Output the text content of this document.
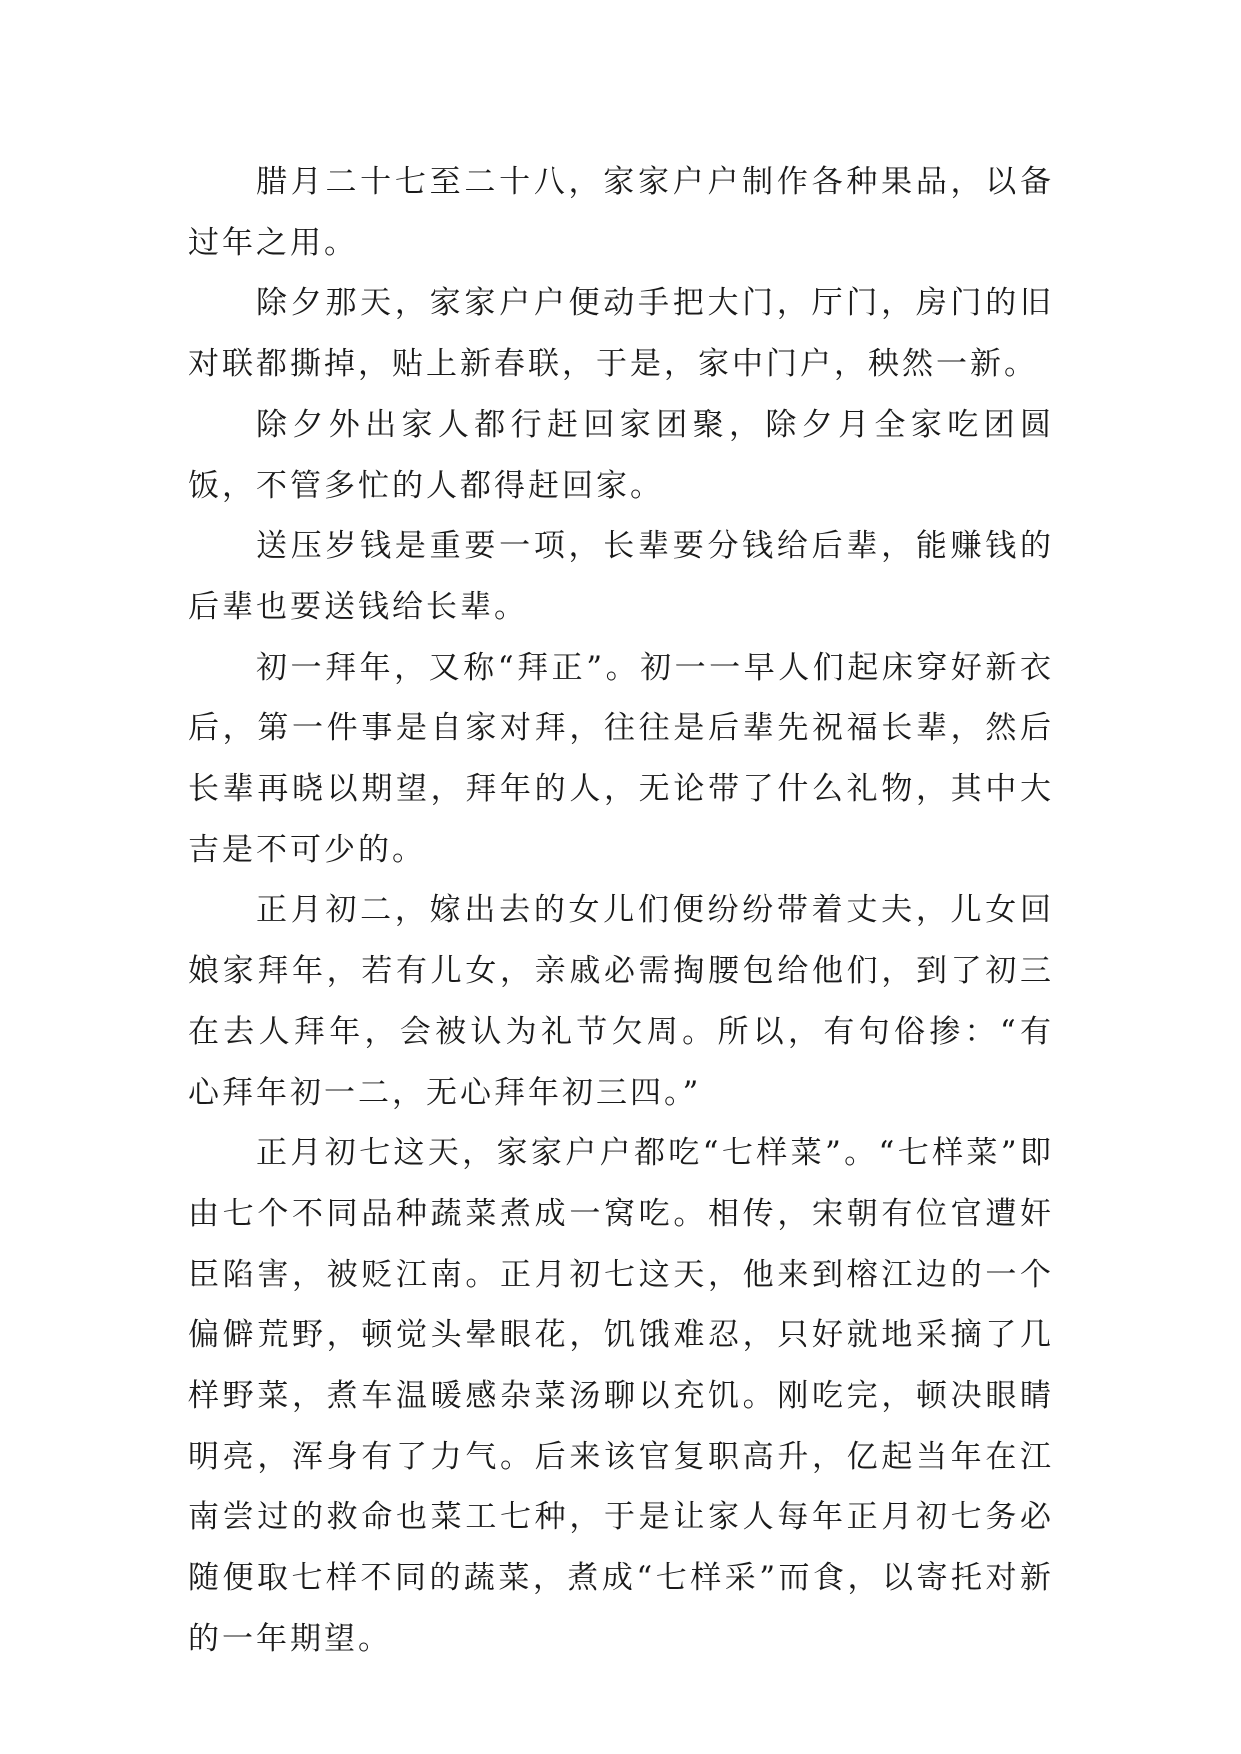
腊月二十七至二十八，家家户户制作各种果品，以备过年之用。

除夕那天，家家户户便动手把大门，厅门，房门的旧对联都撕掉，贴上新春联，于是，家中门户，秧然一新。

除夕外出家人都行赶回家团聚，除夕月全家吃团圆饭，不管多忙的人都得赶回家。

送压岁钱是重要一项，长辈要分钱给后辈，能赚钱的后辈也要送钱给长辈。

初一拜年，又称“拜正”。初一一早人们起床穿好新衣后，第一件事是自家对拜，往往是后辈先祝福长辈，然后长辈再晓以期望，拜年的人，无论带了什么礼物，其中大吉是不可少的。

正月初二，嫁出去的女儿们便纷纷带着丈夫，儿女回娘家拜年，若有儿女，亲戚必需掏腰包给他们，到了初三在去人拜年，会被认为礼节欠周。所以，有句俗掺：“有心拜年初一二，无心拜年初三四。”

正月初七这天，家家户户都吃“七样菜”。“七样菜”即由七个不同品种蔬菜煮成一窝吃。相传，宋朝有位官遭奸臣陷害，被贬江南。正月初七这天，他来到榕江边的一个偏僻荒野，顿觉头晕眼花，饥饿难忍，只好就地采摘了几样野菜，煮车温暖感杂菜汤聊以充饥。刚吃完，顿决眼睛明亮，浑身有了力气。后来该官复职高升，亿起当年在江南尝过的救命也菜工七种，于是让家人每年正月初七务必随便取七样不同的蔬菜，煮成“七样采”而食，以寄托对新的一年期望。
